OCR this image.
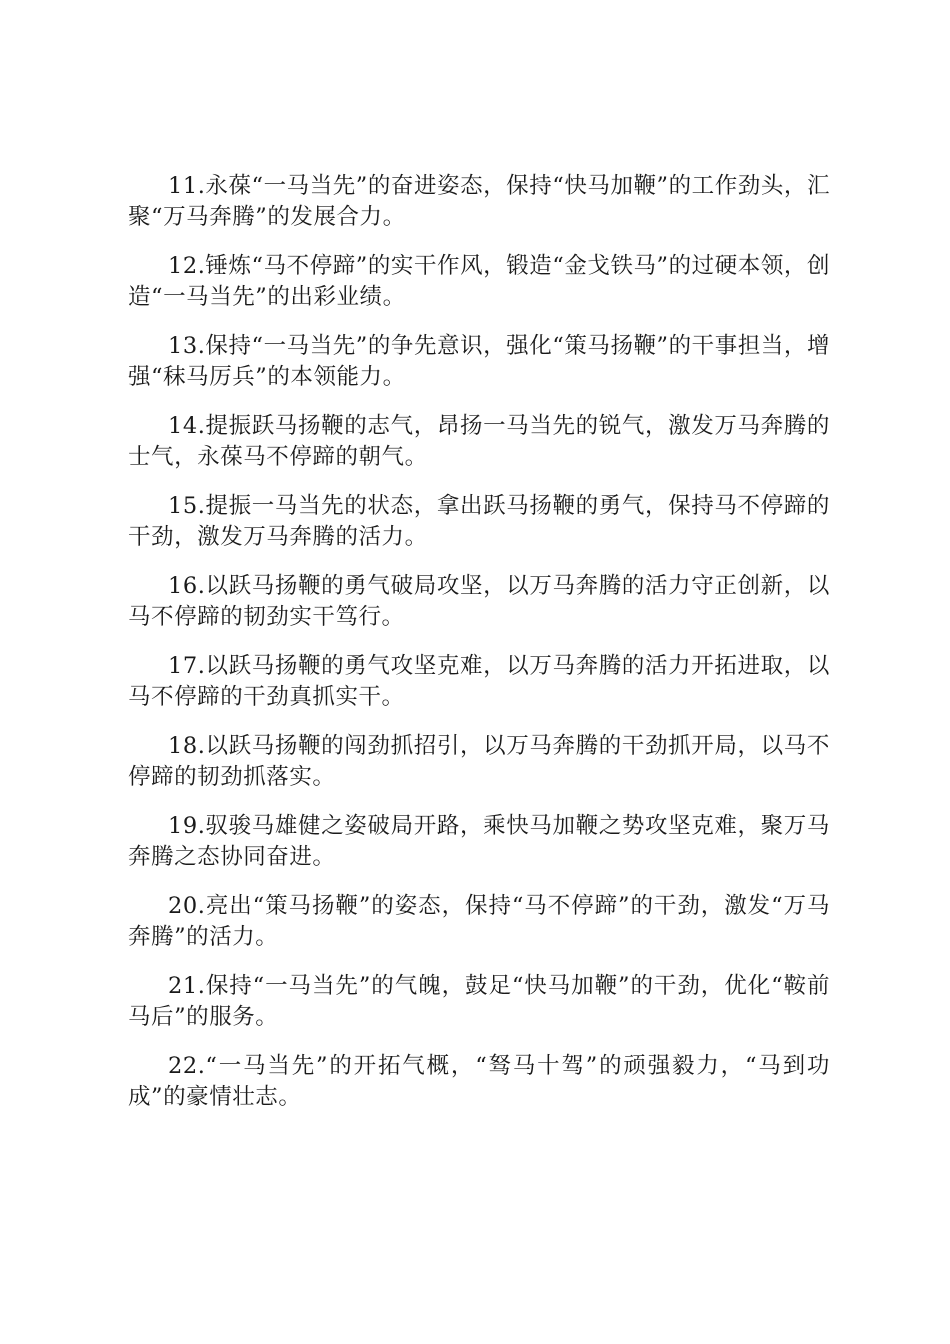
11.永葆“一马当先”的奋进姿态，保持“快马加鞭”的工作劲头，汇聚“万马奔腾”的发展合力。

12.锤炼“马不停蹄”的实干作风，锻造“金戈铁马”的过硬本领，创造“一马当先”的出彩业绩。

13.保持“一马当先”的争先意识，强化“策马扬鞭”的干事担当，增强“秣马厉兵”的本领能力。

14.提振跃马扬鞭的志气，昂扬一马当先的锐气，激发万马奔腾的士气，永葆马不停蹄的朝气。

15.提振一马当先的状态，拿出跃马扬鞭的勇气，保持马不停蹄的干劲，激发万马奔腾的活力。

16.以跃马扬鞭的勇气破局攻坚，以万马奔腾的活力守正创新，以马不停蹄的韧劲实干笃行。

17.以跃马扬鞭的勇气攻坚克难，以万马奔腾的活力开拓进取，以马不停蹄的干劲真抓实干。

18.以跃马扬鞭的闯劲抓招引，以万马奔腾的干劲抓开局，以马不停蹄的韧劲抓落实。

19.驭骏马雄健之姿破局开路，乘快马加鞭之势攻坚克难，聚万马奔腾之态协同奋进。

20.亮出“策马扬鞭”的姿态，保持“马不停蹄”的干劲，激发“万马奔腾”的活力。

21.保持“一马当先”的气魄，鼓足“快马加鞭”的干劲，优化“鞍前马后”的服务。

22.“一马当先”的开拓气概，“驽马十驾”的顽强毅力，“马到功成”的豪情壮志。
